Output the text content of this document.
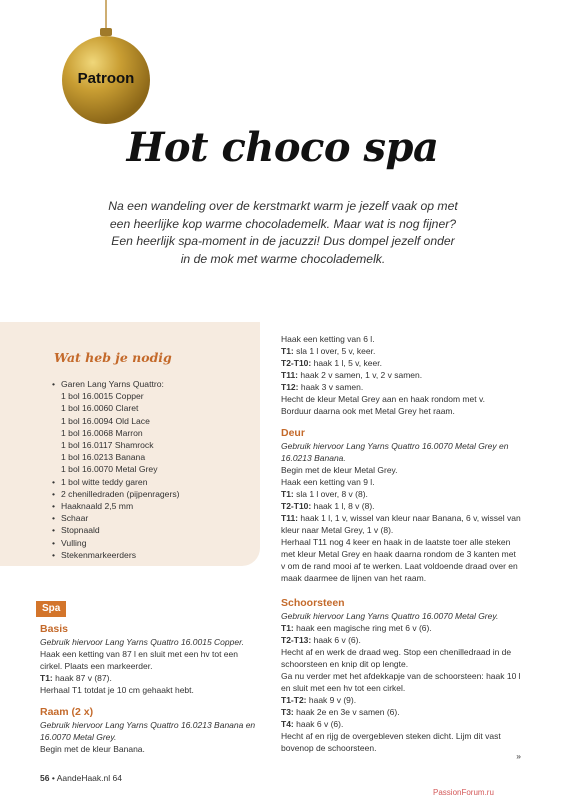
Patroon
Hot choco spa
Na een wandeling over de kerstmarkt warm je jezelf vaak op met een heerlijke kop warme chocolademelk. Maar wat is nog fijner? Een heerlijk spa-moment in de jacuzzi! Dus dompel jezelf onder in de mok met warme chocolademelk.
Wat heb je nodig
• Garen Lang Yarns Quattro:
1 bol 16.0015 Copper
1 bol 16.0060 Claret
1 bol 16.0094 Old Lace
1 bol 16.0068 Marron
1 bol 16.0117 Shamrock
1 bol 16.0213 Banana
1 bol 16.0070 Metal Grey
• 1 bol witte teddy garen
• 2 chenilledraden (pijpenragers)
• Haaknaald 2,5 mm
• Schaar
• Stopnaald
• Vulling
• Stekenmarkeerders

Haak een ketting van 6 l.

T1: sla 1 l over, 5 v, keer.

T2-T10: haak 1 l, 5 v, keer.

T11: haak 2 v samen, 1 v, 2 v samen.

T12: haak 3 v samen.

Hecht de kleur Metal Grey aan en haak rondom met v.

Borduur daarna ook met Metal Grey het raam.

Deur

Gebruik hiervoor Lang Yarns Quattro 16.0070 Metal Grey en 16.0213 Banana.

Begin met de kleur Metal Grey.

Haak een ketting van 9 l.

T1: sla 1 l over, 8 v (8).

T2-T10: haak 1 l, 8 v (8).

T11: haak 1 l, 1 v, wissel van kleur naar Banana, 6 v, wissel van kleur naar Metal Grey, 1 v (8).

Herhaal T11 nog 4 keer en haak in de laatste toer alle steken met kleur Metal Grey en haak daarna rondom de 3 kanten met v om de rand mooi af te werken. Laat voldoende draad over en maak daarmee de lijnen van het raam.

Schoorsteen

Gebruik hiervoor Lang Yarns Quattro 16.0070 Metal Grey.

T1: haak een magische ring met 6 v (6).

T2-T13: haak 6 v (6).

Hecht af en werk de draad weg. Stop een chenilledraad in de schoorsteen en knip dit op lengte.

Ga nu verder met het afdekkapje van de schoorsteen: haak 10 l en sluit met een hv tot een cirkel.

T1-T2: haak 9 v (9).

T3: haak 2e en 3e v samen (6).

T4: haak 6 v (6).

Hecht af en rijg de overgebleven steken dicht. Lijm dit vast bovenop de schoorsteen.

»

Spa

Basis

Gebruik hiervoor Lang Yarns Quattro 16.0015 Copper.

Haak een ketting van 87 l en sluit met een hv tot een cirkel. Plaats een markeerder.

T1: haak 87 v (87).

Herhaal T1 totdat je 10 cm gehaakt hebt.

Raam (2 x)

Gebruik hiervoor Lang Yarns Quattro 16.0213 Banana en 16.0070 Metal Grey.

Begin met de kleur Banana.

56 • AandeHaak.nl 64
PassionForum.ru
